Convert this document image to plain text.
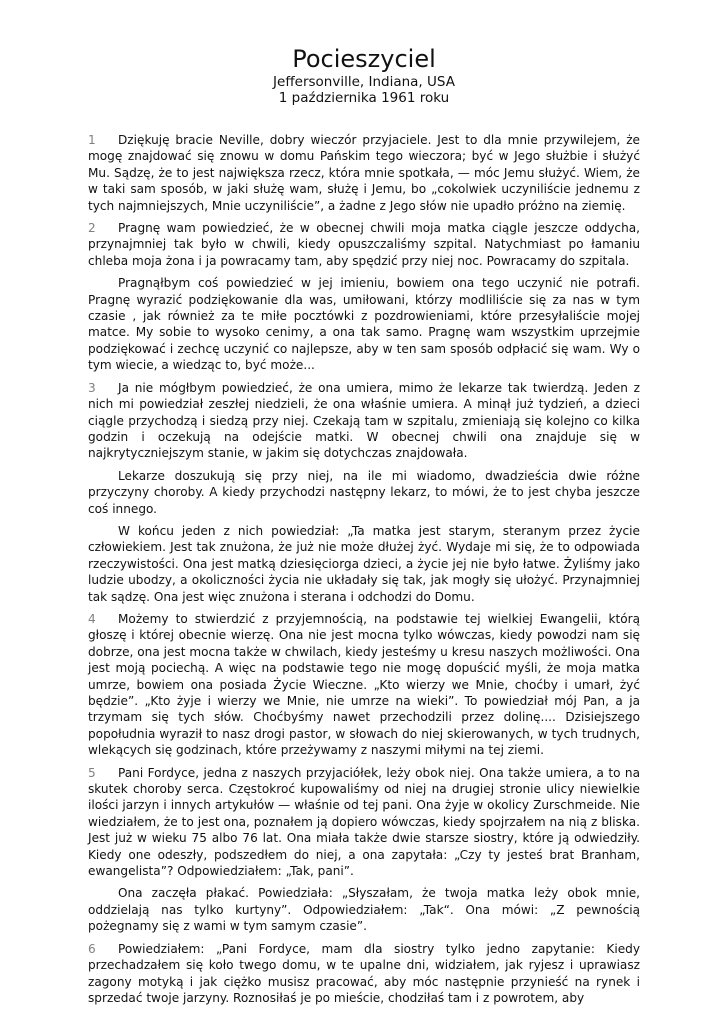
Pocieszyciel
Jeffersonville, Indiana, USA
1 października 1961 roku

1 Dziękuję bracie Neville, dobry wieczór przyjaciele. Jest to dla mnie przywilejem, że mogę znajdować się znowu w domu Pańskim tego wieczora; być w Jego służbie i służyć Mu. Sądzę, że to jest największa rzecz, która mnie spotkała, — móc Jemu służyć. Wiem, że w taki sam sposób, w jaki służę wam, służę i Jemu, bo „cokolwiek uczyniliście jednemu z tych najmniejszych, Mnie uczyniliście”, a żadne z Jego słów nie upadło próżno na ziemię.

2 Pragnę wam powiedzieć, że w obecnej chwili moja matka ciągle jeszcze oddycha, przynajmniej tak było w chwili, kiedy opuszczaliśmy szpital. Natychmiast po łamaniu chleba moja żona i ja powracamy tam, aby spędzić przy niej noc. Powracamy do szpitala.

Pragnąłbym coś powiedzieć w jej imieniu, bowiem ona tego uczynić nie potrafi. Pragnę wyrazić podziękowanie dla was, umiłowani, którzy modliliście się za nas w tym czasie , jak również za te miłe pocztówki z pozdrowieniami, które przesyłaliście mojej matce. My sobie to wysoko cenimy, a ona tak samo. Pragnę wam wszystkim uprzejmie podziękować i zechcę uczynić co najlepsze, aby w ten sam sposób odpłacić się wam. Wy o tym wiecie, a wiedząc to, być może...

3 Ja nie mógłbym powiedzieć, że ona umiera, mimo że lekarze tak twierdzą. Jeden z nich mi powiedział zeszłej niedzieli, że ona właśnie umiera. A minął już tydzień, a dzieci ciągle przychodzą i siedzą przy niej. Czekają tam w szpitalu, zmieniają się kolejno co kilka godzin i oczekują na odejście matki. W obecnej chwili ona znajduje się w najkrytyczniejszym stanie, w jakim się dotychczas znajdowała.

Lekarze doszukują się przy niej, na ile mi wiadomo, dwadzieścia dwie różne przyczyny choroby. A kiedy przychodzi następny lekarz, to mówi, że to jest chyba jeszcze coś innego.

W końcu jeden z nich powiedział: „Ta matka jest starym, steranym przez życie człowiekiem. Jest tak znużona, że już nie może dłużej żyć. Wydaje mi się, że to odpowiada rzeczywistości. Ona jest matką dziesięciorga dzieci, a życie jej nie było łatwe. Żyliśmy jako ludzie ubodzy, a okoliczności życia nie układały się tak, jak mogły się ułożyć. Przynajmniej tak sądzę. Ona jest więc znużona i sterana i odchodzi do Domu.

4 Możemy to stwierdzić z przyjemnością, na podstawie tej wielkiej Ewangelii, którą głoszę i której obecnie wierzę. Ona nie jest mocna tylko wówczas, kiedy powodzi nam się dobrze, ona jest mocna także w chwilach, kiedy jesteśmy u kresu naszych możliwości. Ona jest moją pociechą. A więc na podstawie tego nie mogę dopuścić myśli, że moja matka umrze, bowiem ona posiada Życie Wieczne. „Kto wierzy we Mnie, choćby i umarł, żyć będzie”. „Kto żyje i wierzy we Mnie, nie umrze na wieki”. To powiedział mój Pan, a ja trzymam się tych słów. Choćbyśmy nawet przechodzili przez dolinę.... Dzisiejszego popołudnia wyraził to nasz drogi pastor, w słowach do niej skierowanych, w tych trudnych, wlekących się godzinach, które przeżywamy z naszymi miłymi na tej ziemi.

5 Pani Fordyce, jedna z naszych przyjaciółek, leży obok niej. Ona także umiera, a to na skutek choroby serca. Częstokroć kupowaliśmy od niej na drugiej stronie ulicy niewielkie ilości jarzyn i innych artykułów — właśnie od tej pani. Ona żyje w okolicy Zurschmeide. Nie wiedziałem, że to jest ona, poznałem ją dopiero wówczas, kiedy spojrzałem na nią z bliska. Jest już w wieku 75 albo 76 lat. Ona miała także dwie starsze siostry, które ją odwiedziły. Kiedy one odeszły, podszedłem do niej, a ona zapytała: „Czy ty jesteś brat Branham, ewangelista”? Odpowiedziałem: „Tak, pani”.

Ona zaczęła płakać. Powiedziała: „Słyszałam, że twoja matka leży obok mnie, oddzielają nas tylko kurtyny”. Odpowiedziałem: „Tak“. Ona mówi: „Z pewnością pożegnamy się z wami w tym samym czasie”.

6 Powiedziałem: „Pani Fordyce, mam dla siostry tylko jedno zapytanie: Kiedy przechadzałem się koło twego domu, w te upalne dni, widziałem, jak ryjesz i uprawiasz zagony motyką i jak ciężko musisz pracować, aby móc następnie przynieść na rynek i sprzedać twoje jarzyny. Roznosiłaś je po mieście, chodziłaś tam i z powrotem, aby
